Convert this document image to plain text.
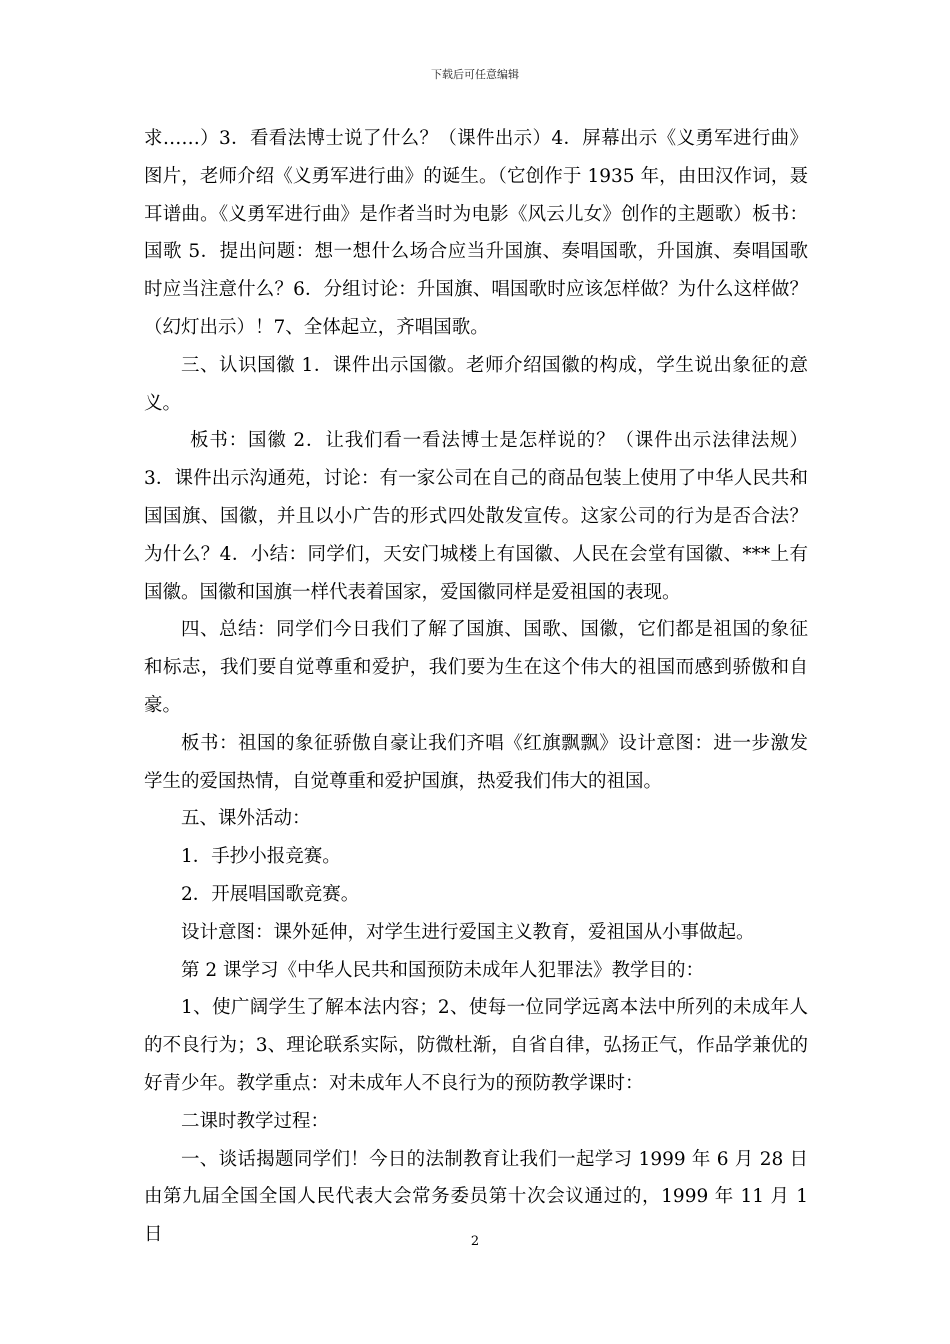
下载后可任意编辑

求……）3．看看法博士说了什么？（课件出示）4．屏幕出示《义勇军进行曲》图片，老师介绍《义勇军进行曲》的诞生。（它创作于 1935 年，由田汉作词，聂耳谱曲。《义勇军进行曲》是作者当时为电影《风云儿女》创作的主题歌）板书：国歌 5．提出问题：想一想什么场合应当升国旗、奏唱国歌，升国旗、奏唱国歌时应当注意什么？6．分组讨论：升国旗、唱国歌时应该怎样做？为什么这样做？（幻灯出示）！7、全体起立，齐唱国歌。

三、认识国徽 1．课件出示国徽。老师介绍国徽的构成，学生说出象征的意义。

板书：国徽 2．让我们看一看法博士是怎样说的？（课件出示法律法规）3．课件出示沟通苑，讨论：有一家公司在自己的商品包装上使用了中华人民共和国国旗、国徽，并且以小广告的形式四处散发宣传。这家公司的行为是否合法？为什么？4．小结：同学们，天安门城楼上有国徽、人民在会堂有国徽、***上有国徽。国徽和国旗一样代表着国家，爱国徽同样是爱祖国的表现。

四、总结：同学们今日我们了解了国旗、国歌、国徽，它们都是祖国的象征和标志，我们要自觉尊重和爱护，我们要为生在这个伟大的祖国而感到骄傲和自豪。

板书：祖国的象征骄傲自豪让我们齐唱《红旗飘飘》设计意图：进一步激发学生的爱国热情，自觉尊重和爱护国旗，热爱我们伟大的祖国。

五、课外活动：

1．手抄小报竞赛。

2．开展唱国歌竞赛。

设计意图：课外延伸，对学生进行爱国主义教育，爱祖国从小事做起。

第 2 课学习《中华人民共和国预防未成年人犯罪法》教学目的：

1、使广阔学生了解本法内容；2、使每一位同学远离本法中所列的未成年人的不良行为；3、理论联系实际，防微杜渐，自省自律，弘扬正气，作品学兼优的好青少年。教学重点：对未成年人不良行为的预防教学课时：

二课时教学过程：

一、谈话揭题同学们！今日的法制教育让我们一起学习 1999 年 6 月 28 日由第九届全国全国人民代表大会常务委员第十次会议通过的，1999 年 11 月 1 日	2
